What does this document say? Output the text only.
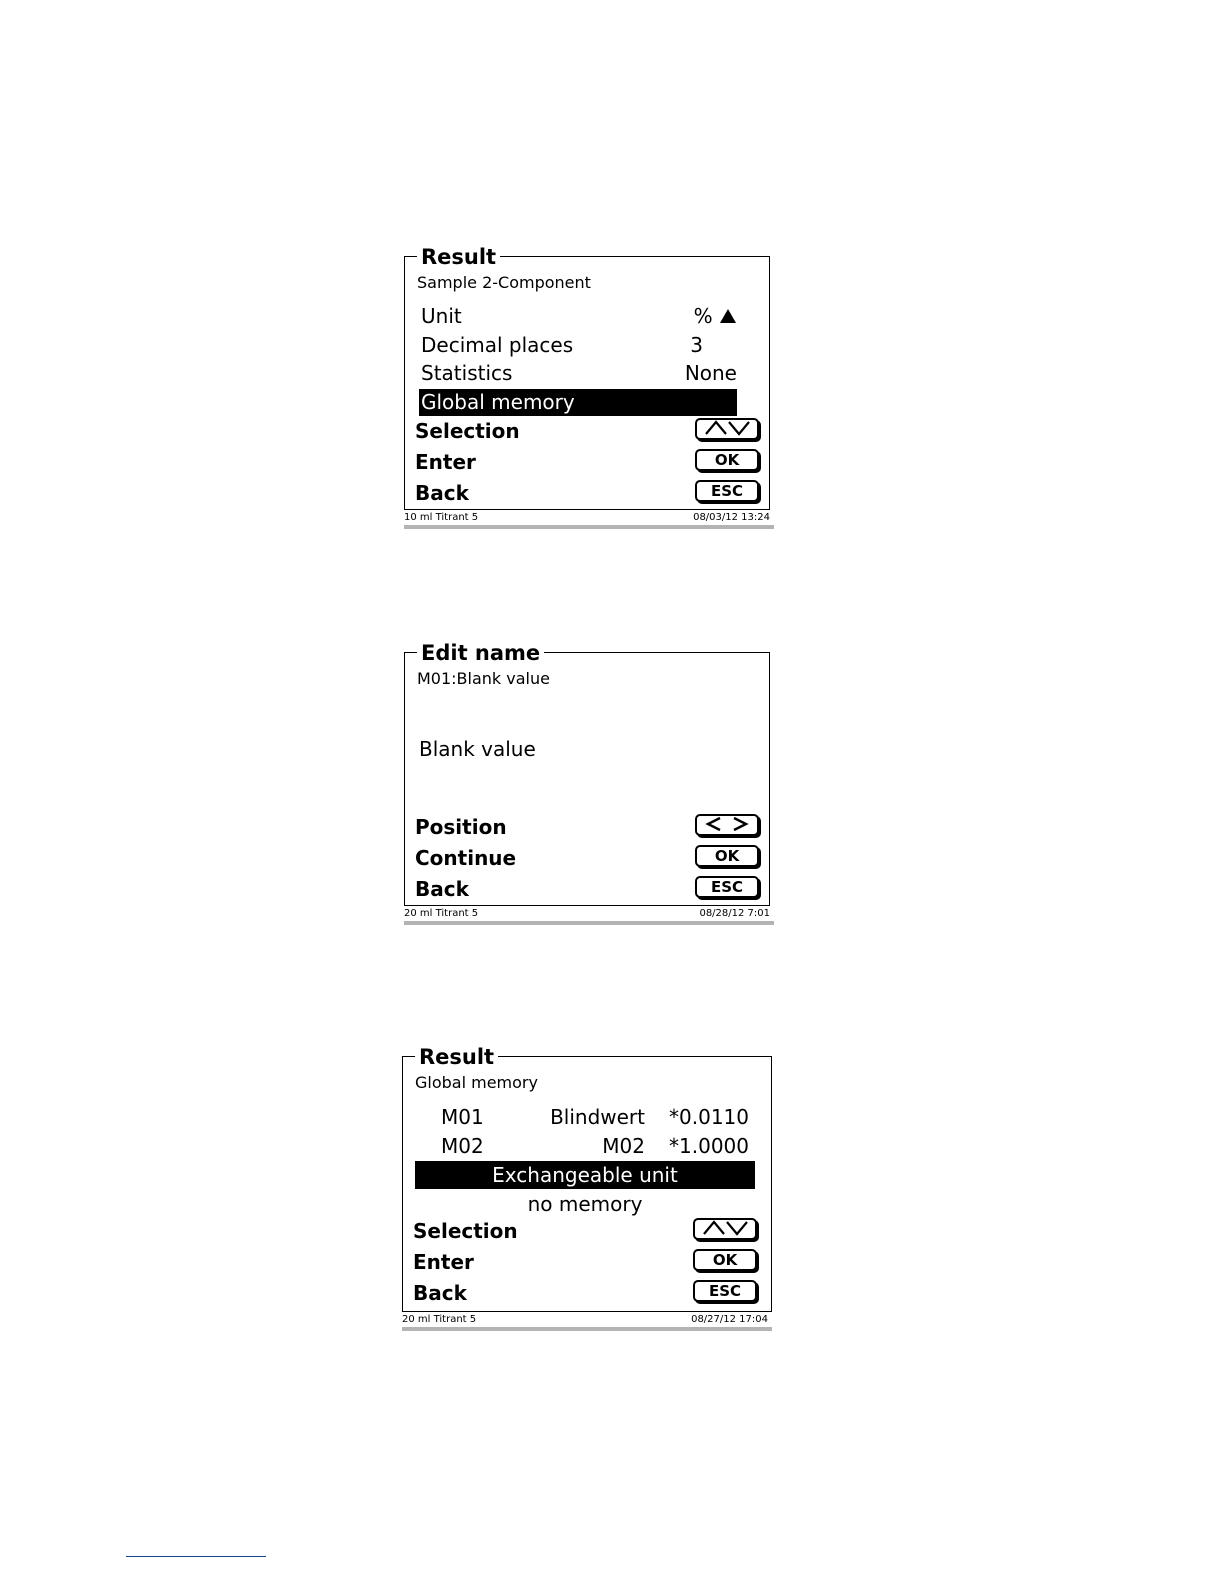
Result
Sample 2-Component
Unit	%
Decimal places	3
Statistics	None
Global memory
Selection
Enter	OK
Back	ESC
10 ml Titrant 5	08/03/12 13:24
Edit name
M01:Blank value
Blank value
Position
Continue	OK
Back	ESC
20 ml Titrant 5	08/28/12 7:01
Result
Global memory
M01	Blindwert *0.0110
M02	M02 *1.0000
Exchangeable unit
no memory
Selection
Enter	OK
Back	ESC
20 ml Titrant 5	08/27/12 17:04
